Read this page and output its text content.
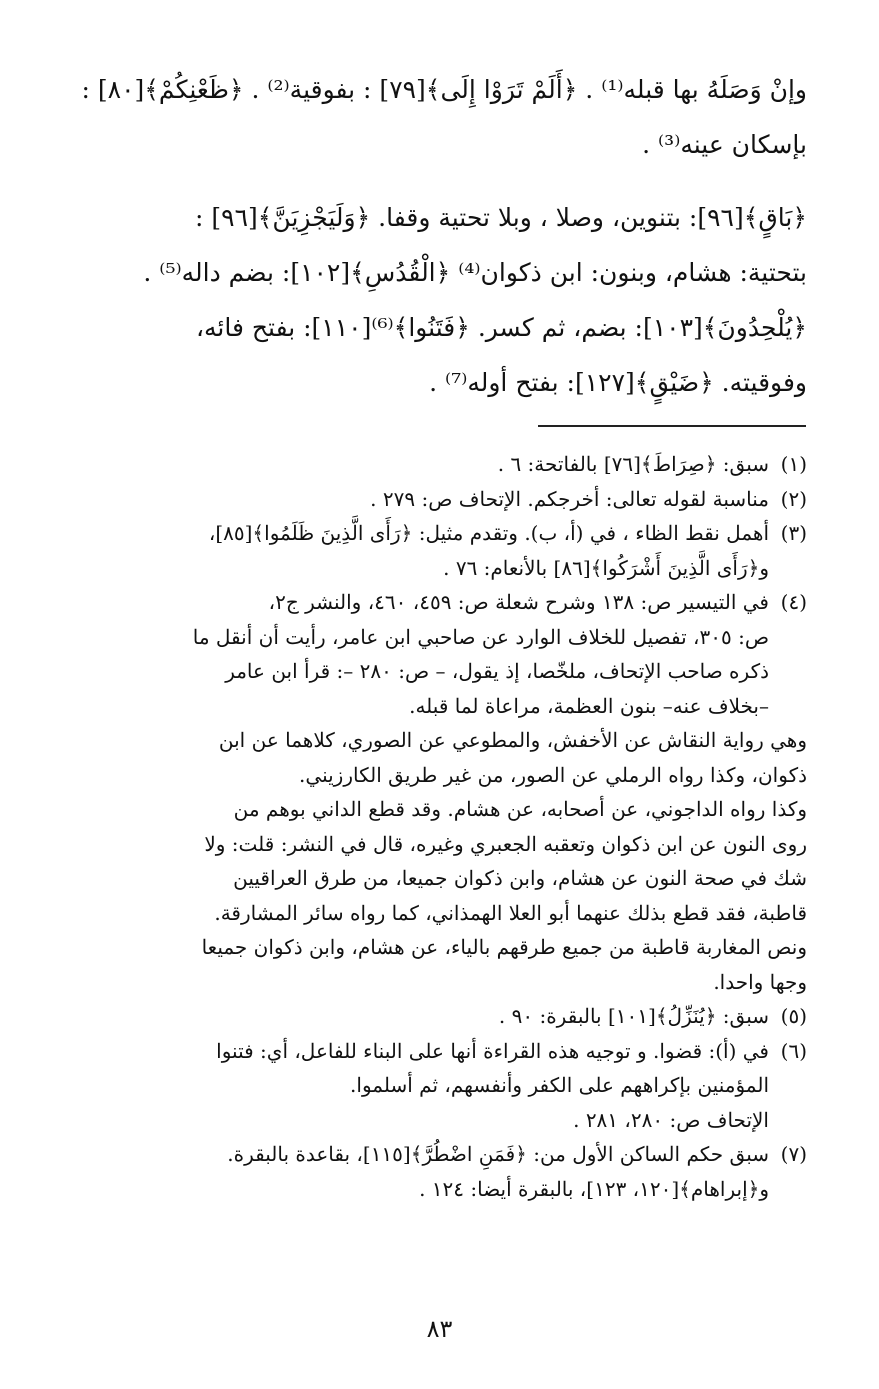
وإنْ وَصَلَهُ بها قبله⁽¹⁾ . ﴿أَلَمْ تَرَوْا إِلَى﴾[٧٩] : بفوقية⁽²⁾ . ﴿ظَعْنِكُمْ﴾[٨٠] :
بإسكان عينه⁽³⁾ .

﴿بَاقٍ﴾[٩٦]: بتنوين، وصلا ، وبلا تحتية وقفا. ﴿وَلَيَجْزِيَنَّ﴾[٩٦] :
بتحتية: هشام، وبنون: ابن ذكوان⁽⁴⁾ ﴿الْقُدُسِ﴾[١٠٢]: بضم داله⁽⁵⁾ .
﴿يُلْحِدُونَ﴾[١٠٣]: بضم، ثم كسر. ﴿فَتَنُوا﴾⁽⁶⁾[١١٠]: بفتح فائه،
وفوقيته. ﴿ضَيْقٍ﴾[١٢٧]: بفتح أوله⁽⁷⁾ .

(١)
سبق: ﴿صِرَاطَ﴾[٧٦] بالفاتحة: ٦ .
(٢)
مناسبة لقوله تعالى: أخرجكم. الإتحاف ص: ٢٧٩ .
(٣)
أهمل نقط الظاء ، في (أ، ب). وتقدم مثيل: ﴿رَأَى الَّذِينَ ظَلَمُوا﴾[٨٥]،
و﴿رَأَى الَّذِينَ أَشْرَكُوا﴾[٨٦] بالأنعام: ٧٦ .
(٤)
في التيسير ص: ١٣٨ وشرح شعلة ص: ٤٥٩، ٤٦٠، والنشر ج٢،
ص: ٣٠٥، تفصيل للخلاف الوارد عن صاحبي ابن عامر، رأيت أن أنقل ما
ذكره صاحب الإتحاف، ملخّصا، إذ يقول، – ص: ٢٨٠ –: قرأ ابن عامر
–بخلاف عنه– بنون العظمة، مراعاة لما قبله.
وهي رواية النقاش عن الأخفش، والمطوعي عن الصوري، كلاهما عن ابن
ذكوان، وكذا رواه الرملي عن الصور، من غير طريق الكارزيني.
وكذا رواه الداجوني، عن أصحابه، عن هشام. وقد قطع الداني بوهم من
روى النون عن ابن ذكوان وتعقبه الجعبري وغيره، قال في النشر: قلت: ولا
شك في صحة النون عن هشام، وابن ذكوان جميعا، من طرق العراقيين
قاطبة، فقد قطع بذلك عنهما أبو العلا الهمذاني، كما رواه سائر المشارقة.
ونص المغاربة قاطبة من جميع طرقهم بالياء، عن هشام، وابن ذكوان جميعا
وجها واحدا.
(٥)
سبق: ﴿يُنَزِّلُ﴾[١٠١] بالبقرة: ٩٠ .
(٦)
في (أ): قضوا. و توجيه هذه القراءة أنها على البناء للفاعل، أي: فتنوا
المؤمنين بإكراههم على الكفر وأنفسهم، ثم أسلموا.
الإتحاف ص: ٢٨٠، ٢٨١ .
(٧)
سبق حكم الساكن الأول من: ﴿فَمَنِ اضْطُرَّ﴾[١١٥]، بقاعدة بالبقرة.
و﴿إبراهام﴾[١٢٠، ١٢٣]، بالبقرة أيضا: ١٢٤ .
٨٣
